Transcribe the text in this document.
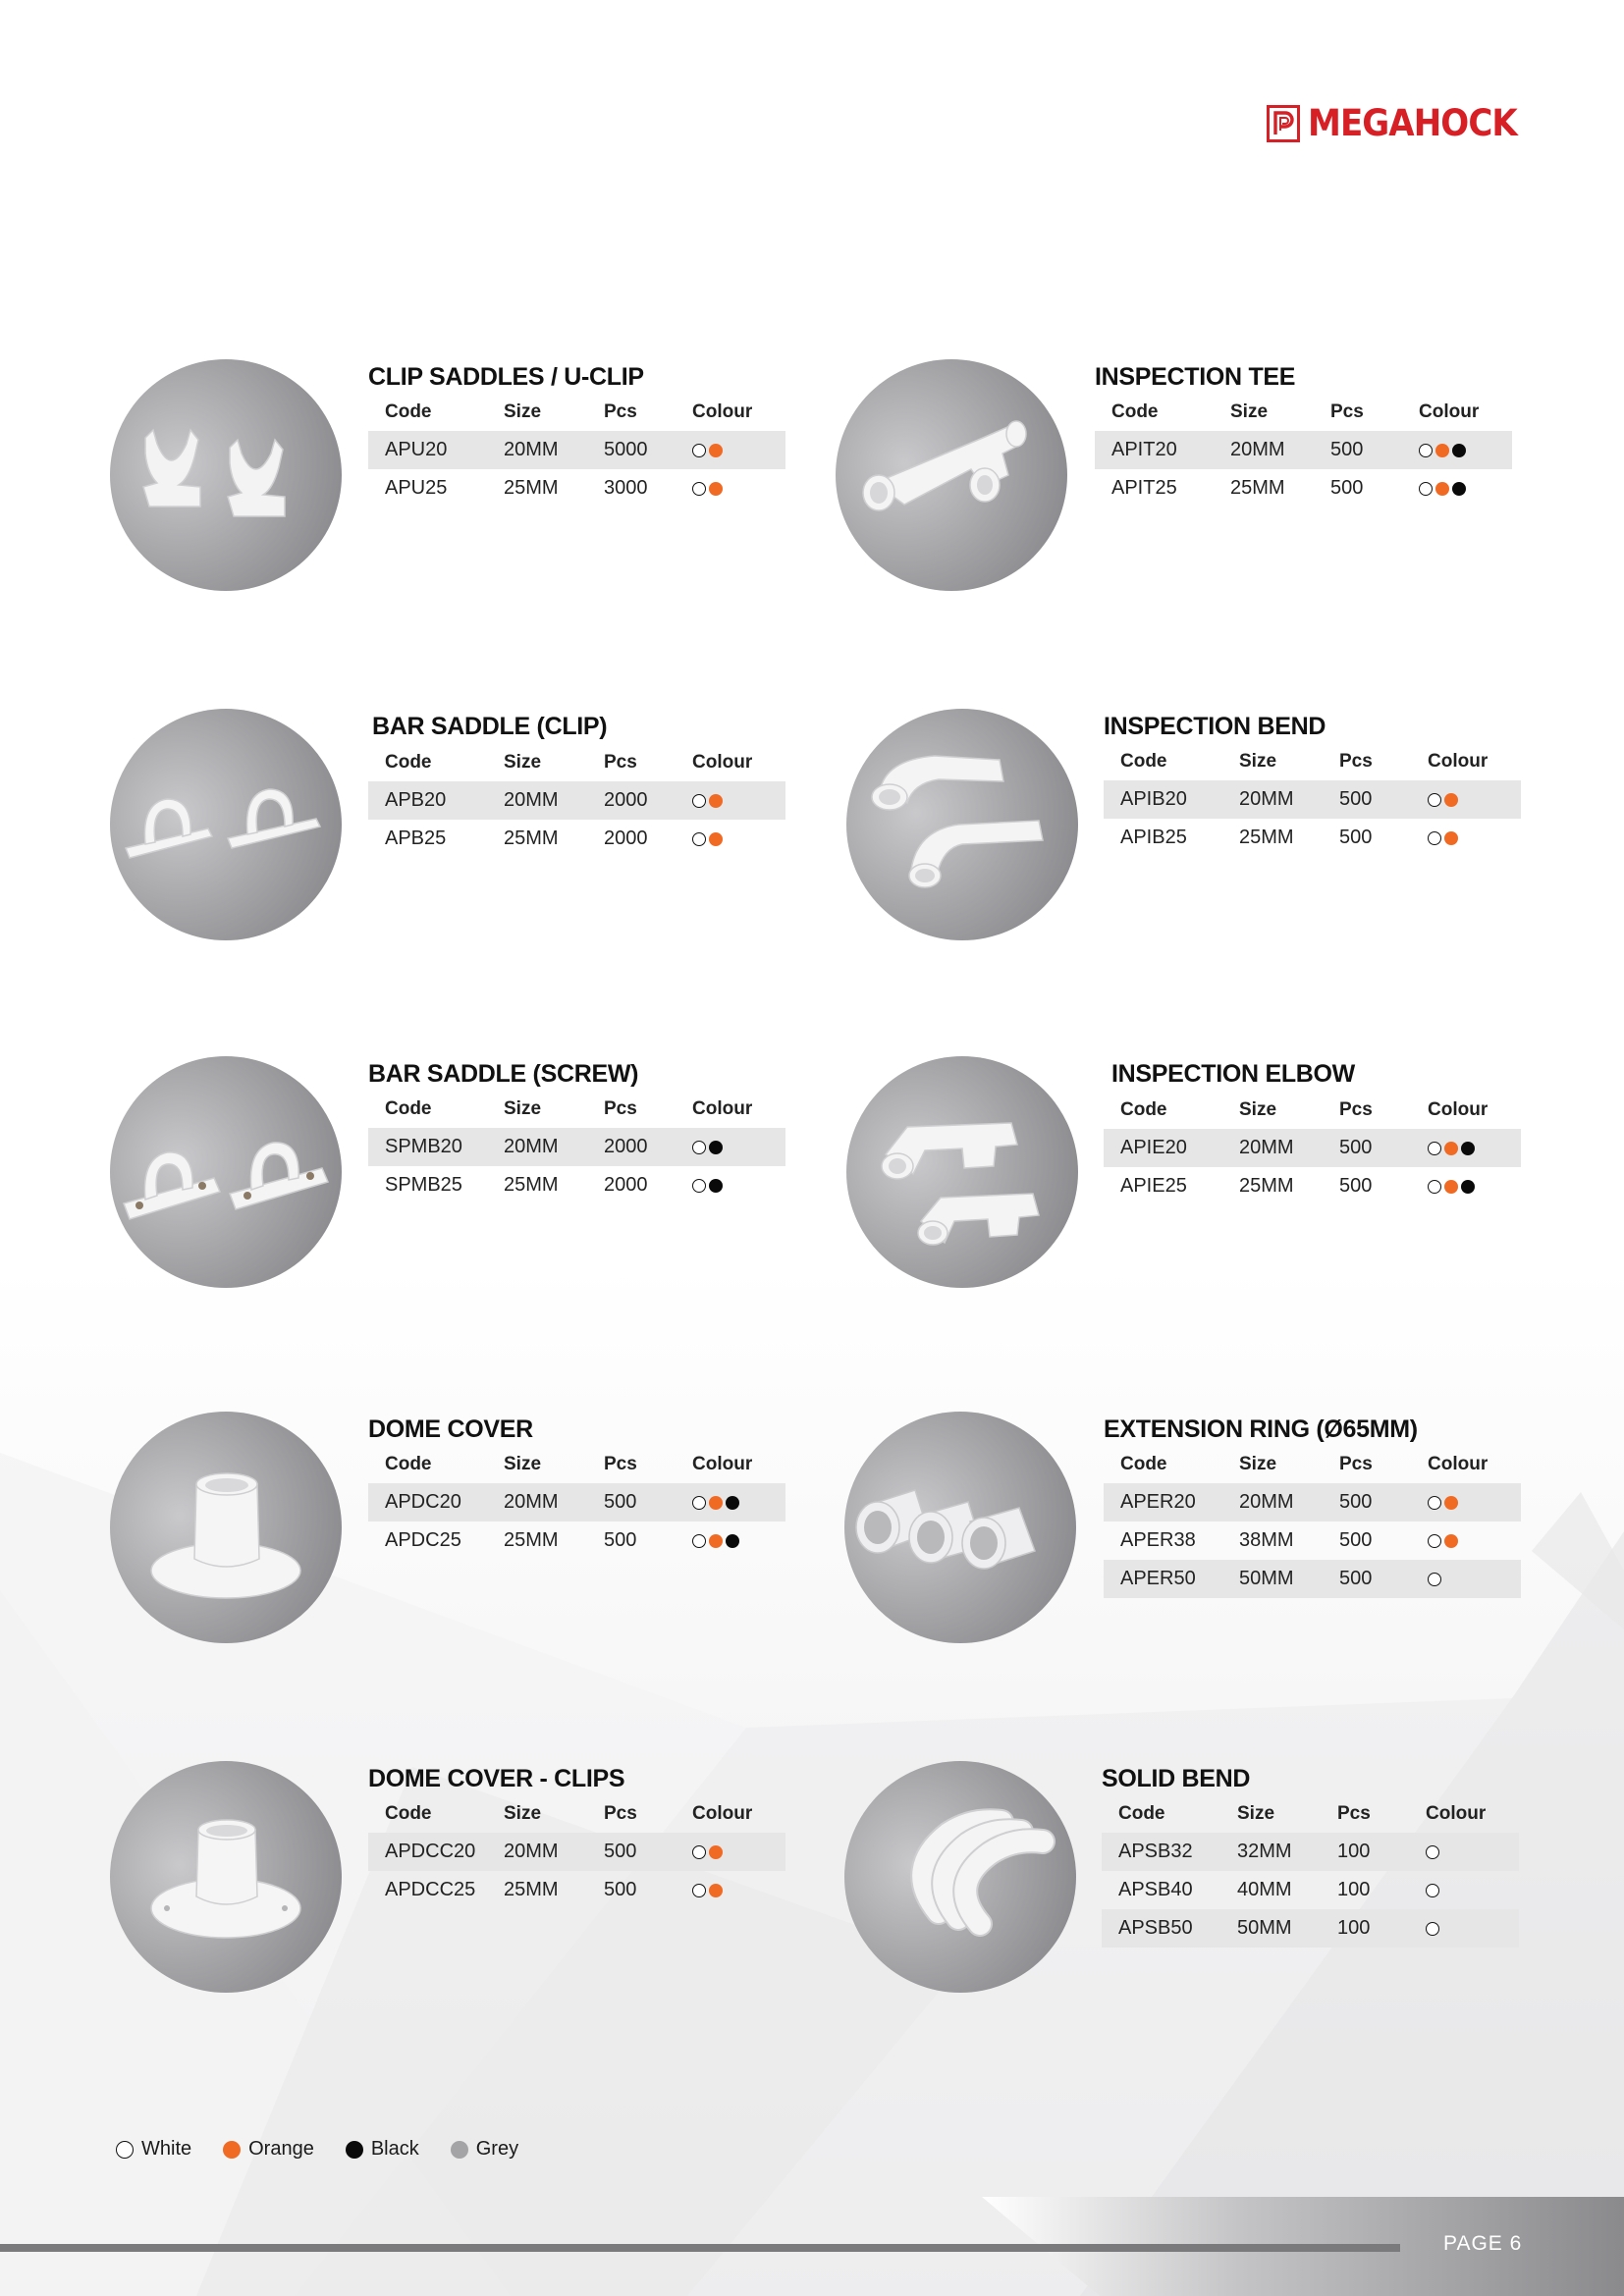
MEGAHOCK
CLIP SADDLES / U-CLIP
Code	Size	Pcs	Colour
APU20	20MM	5000
APU25	25MM	3000
INSPECTION TEE
Code	Size	Pcs	Colour
APIT20	20MM	500
APIT25	25MM	500
BAR SADDLE (CLIP)
Code	Size	Pcs	Colour
APB20	20MM	2000
APB25	25MM	2000
INSPECTION BEND
Code	Size	Pcs	Colour
APIB20	20MM	500
APIB25	25MM	500
BAR SADDLE (SCREW)
Code	Size	Pcs	Colour
SPMB20	20MM	2000
SPMB25	25MM	2000
INSPECTION ELBOW
Code	Size	Pcs	Colour
APIE20	20MM	500
APIE25	25MM	500
DOME COVER
Code	Size	Pcs	Colour
APDC20	20MM	500
APDC25	25MM	500
EXTENSION RING (Ø65MM)
Code	Size	Pcs	Colour
APER20	20MM	500
APER38	38MM	500
APER50	50MM	500
DOME COVER - CLIPS
Code	Size	Pcs	Colour
APDCC20	20MM	500
APDCC25	25MM	500
SOLID BEND
Code	Size	Pcs	Colour
APSB32	32MM	100
APSB40	40MM	100
APSB50	50MM	100
White	Orange	Black	Grey
PAGE 6
